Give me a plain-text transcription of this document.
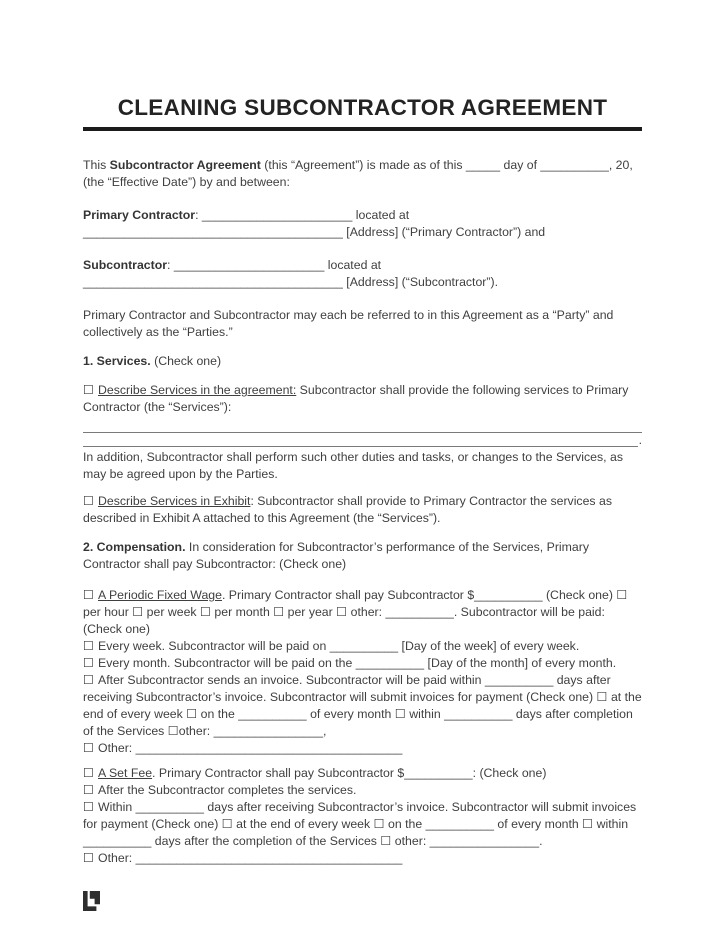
CLEANING SUBCONTRACTOR AGREEMENT

This Subcontractor Agreement (this “Agreement”) is made as of this _____ day of __________, 20, (the “Effective Date”) by and between:

Primary Contractor: ______________________ located at
______________________________________ [Address] (“Primary Contractor”) and

Subcontractor: ______________________ located at
______________________________________ [Address] (“Subcontractor”).

Primary Contractor and Subcontractor may each be referred to in this Agreement as a “Party” and collectively as the “Parties.”

1. Services. (Check one)

☐ Describe Services in the agreement: Subcontractor shall provide the following services to Primary Contractor (the “Services”):

.

In addition, Subcontractor shall perform such other duties and tasks, or changes to the Services, as may be agreed upon by the Parties.

☐ Describe Services in Exhibit: Subcontractor shall provide to Primary Contractor the services as described in Exhibit A attached to this Agreement (the “Services”).

2. Compensation. In consideration for Subcontractor’s performance of the Services, Primary Contractor shall pay Subcontractor: (Check one)

☐ A Periodic Fixed Wage. Primary Contractor shall pay Subcontractor $__________ (Check one) ☐ per hour ☐ per week ☐ per month ☐ per year ☐ other: __________. Subcontractor will be paid: (Check one)

☐ Every week. Subcontractor will be paid on __________ [Day of the week] of every week.

☐ Every month. Subcontractor will be paid on the __________ [Day of the month] of every month.

☐ After Subcontractor sends an invoice. Subcontractor will be paid within __________ days after receiving Subcontractor’s invoice. Subcontractor will submit invoices for payment (Check one) ☐ at the end of every week ☐ on the __________ of every month ☐ within __________ days after completion of the Services ☐other: ________________,

☐ Other: _______________________________________

☐ A Set Fee. Primary Contractor shall pay Subcontractor $__________: (Check one)

☐ After the Subcontractor completes the services.

☐ Within __________ days after receiving Subcontractor’s invoice. Subcontractor will submit invoices for payment (Check one) ☐ at the end of every week ☐ on the __________ of every month ☐ within __________ days after the completion of the Services ☐ other: ________________.

☐ Other: _______________________________________
